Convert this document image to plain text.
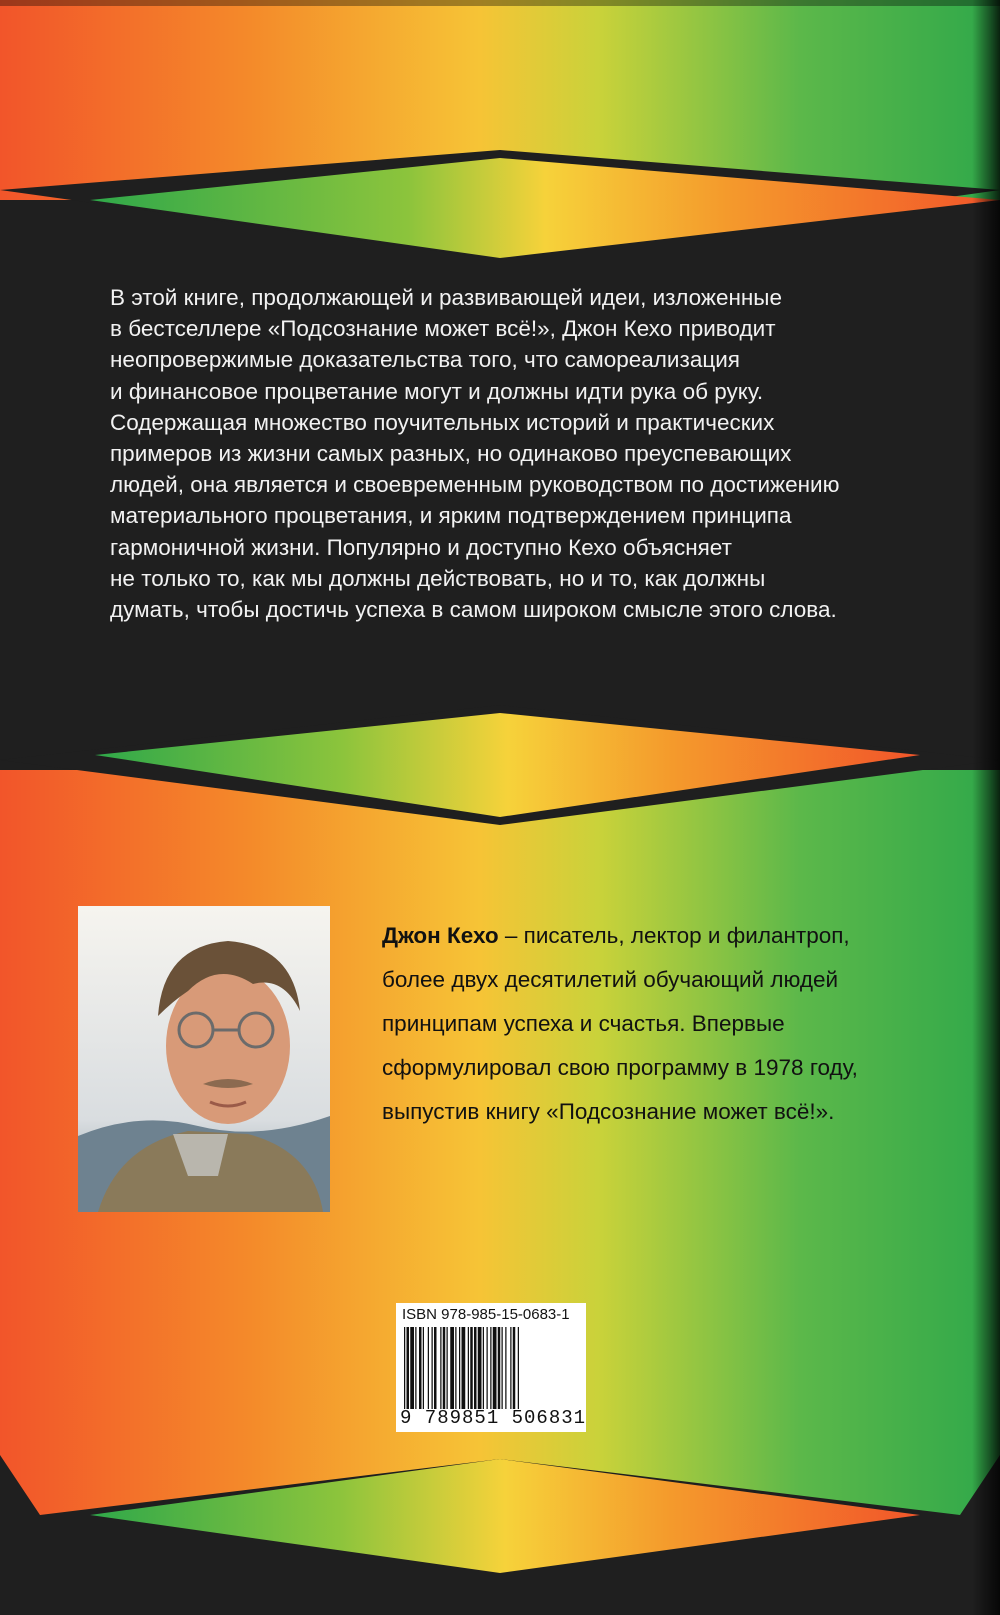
В этой книге, продолжающей и развивающей идеи, изложенные
в бестселлере «Подсознание может всё!», Джон Кехо приводит
неопровержимые доказательства того, что самореализация
и финансовое процветание могут и должны идти рука об руку.
Содержащая множество поучительных историй и практических
примеров из жизни самых разных, но одинаково преуспевающих
людей, она является и своевременным руководством по достижению
материального процветания, и ярким подтверждением принципа
гармоничной жизни. Популярно и доступно Кехо объясняет
не только то, как мы должны действовать, но и то, как должны
думать, чтобы достичь успеха в самом широком смысле этого слова.

Джон Кехо – писатель, лектор и филантроп,
более двух десятилетий обучающий людей
принципам успеха и счастья. Впервые
сформулировал свою программу в 1978 году,
выпустив книгу «Подсознание может всё!».

ISBN 978-985-15-0683-1
9 789851 506831
